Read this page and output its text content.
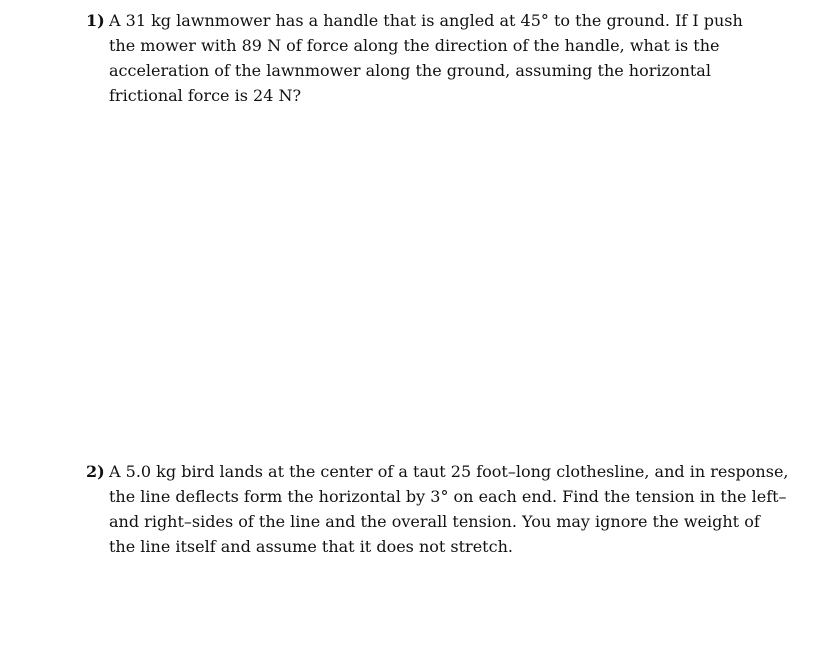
1) A 31 kg lawnmower has a handle that is angled at 45° to the ground. If I push
the mower with 89 N of force along the direction of the handle, what is the
acceleration of the lawnmower along the ground, assuming the horizontal
frictional force is 24 N?
2) A 5.0 kg bird lands at the center of a taut 25 foot–long clothesline, and in response,
the line deflects form the horizontal by 3° on each end. Find the tension in the left–
and right–sides of the line and the overall tension. You may ignore the weight of
the line itself and assume that it does not stretch.
